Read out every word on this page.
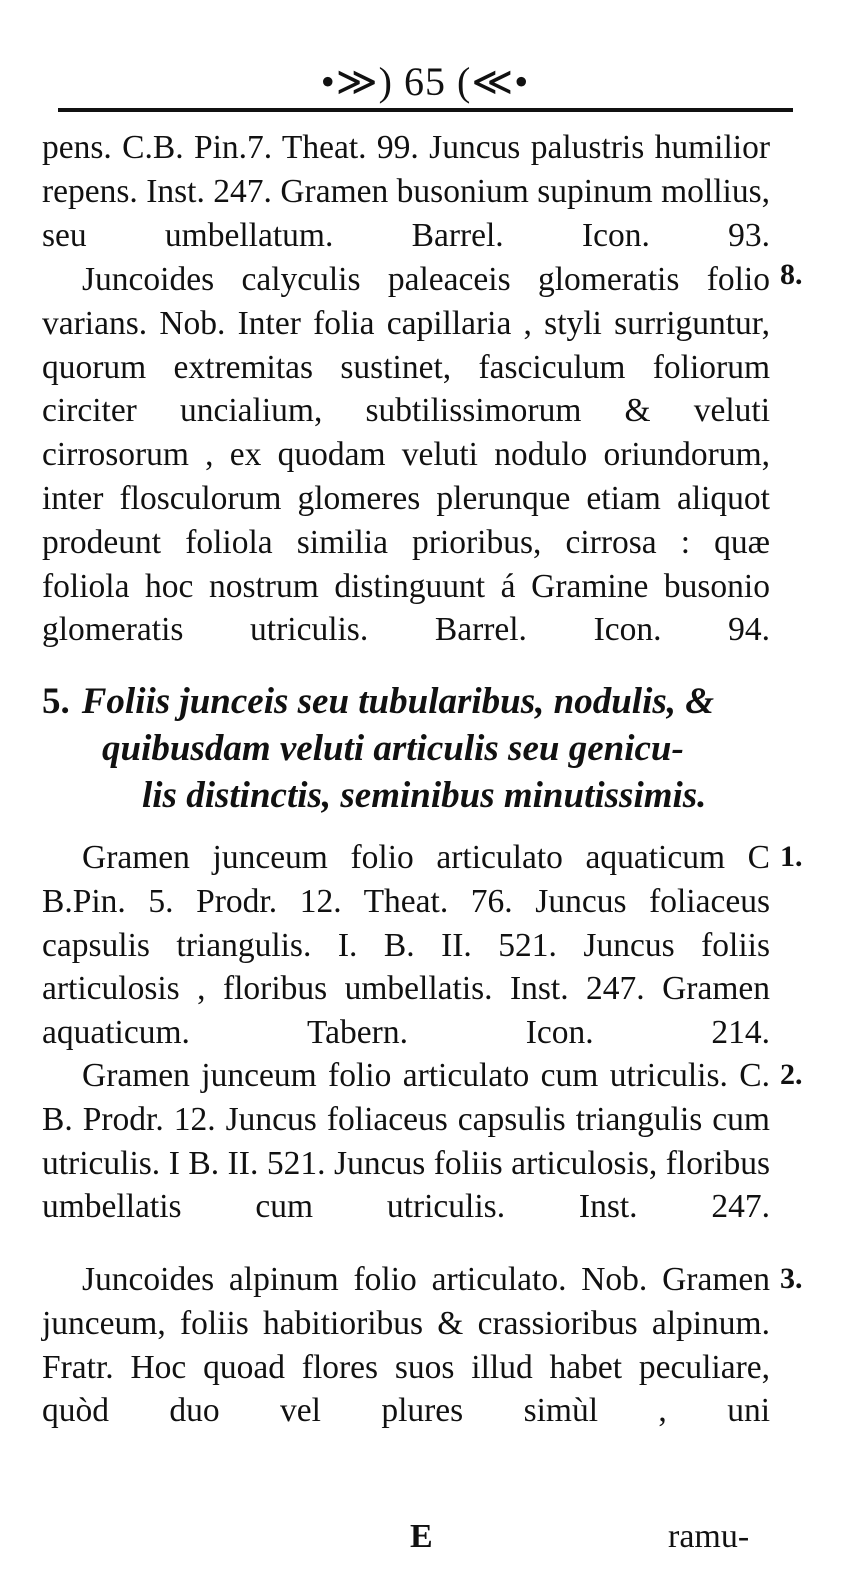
•≫) 65 (≪•
pens. C.B. Pin.7. Theat. 99. Juncus palustris humilior repens. Inst. 247. Gramen busonium supinum mollius, seu umbellatum. Barrel. Icon. 93.
Juncoides calyculis paleaceis glomeratis folio varians. Nob. Inter folia capillaria , styli surriguntur, quorum extremitas sustinet, fasciculum foliorum circiter uncialium, subtilissimorum & veluti cirrosorum , ex quodam veluti nodulo oriundorum, inter flosculorum glomeres plerunque etiam aliquot prodeunt foliola similia prioribus, cirrosa : quæ foliola hoc nostrum distinguunt á Gramine busonio glomeratis utriculis. Barrel. Icon. 94.
8.
5. Foliis junceis seu tubularibus, nodulis, &
quibusdam veluti articulis seu genicu-
lis distinctis, seminibus minutissimis.
Gramen junceum folio articulato aquaticum C B.Pin. 5. Prodr. 12. Theat. 76. Juncus foliaceus capsulis triangulis. I. B. II. 521. Juncus foliis articulosis , floribus umbellatis. Inst. 247. Gramen aquaticum. Tabern. Icon. 214.
1.
Gramen junceum folio articulato cum utriculis. C. B. Prodr. 12. Juncus foliaceus capsulis triangulis cum utriculis. I B. II. 521. Juncus foliis articulosis, floribus umbellatis cum utriculis. Inst. 247.
2.
Juncoides alpinum folio articulato. Nob. Gramen junceum, foliis habitioribus & crassioribus alpinum. Fratr. Hoc quoad flores suos illud habet peculiare, quòd duo vel plures simùl , uni
3.
E	ramu-
